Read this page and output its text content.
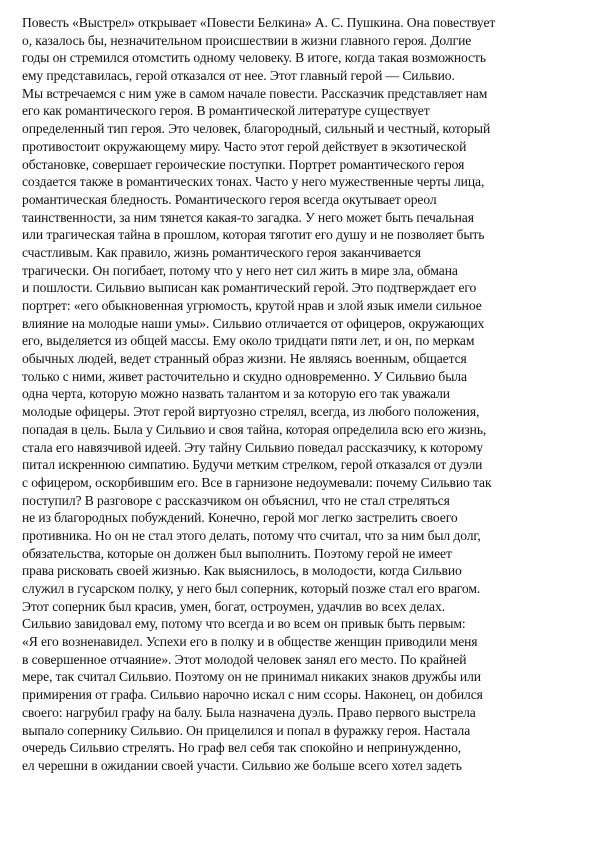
Повесть «Выстрел» открывает «Повести Белкина» А. С. Пушкина. Она повествует
о, казалось бы, незначительном происшествии в жизни главного героя. Долгие
годы он стремился отомстить одному человеку. В итоге, когда такая возможность
ему представилась, герой отказался от нее. Этот главный герой — Сильвио.
Мы встречаемся с ним уже в самом начале повести. Рассказчик представляет нам
его как романтического героя. В романтической литературе существует
определенный тип героя. Это человек, благородный, сильный и честный, который
противостоит окружающему миру. Часто этот герой действует в экзотической
обстановке, совершает героические поступки. Портрет романтического героя
создается также в романтических тонах. Часто у него мужественные черты лица,
романтическая бледность. Романтического героя всегда окутывает ореол
таинственности, за ним тянется какая-то загадка. У него может быть печальная
или трагическая тайна в прошлом, которая тяготит его душу и не позволяет быть
счастливым. Как правило, жизнь романтического героя заканчивается
трагически. Он погибает, потому что у него нет сил жить в мире зла, обмана
и пошлости. Сильвио выписан как романтический герой. Это подтверждает его
портрет: «его обыкновенная угрюмость, крутой нрав и злой язык имели сильное
влияние на молодые наши умы». Сильвио отличается от офицеров, окружающих
его, выделяется из общей массы. Ему около тридцати пяти лет, и он, по меркам
обычных людей, ведет странный образ жизни. Не являясь военным, общается
только с ними, живет расточительно и скудно одновременно. У Сильвио была
одна черта, которую можно назвать талантом и за которую его так уважали
молодые офицеры. Этот герой виртуозно стрелял, всегда, из любого положения,
попадая в цель. Была у Сильвио и своя тайна, которая определила всю его жизнь,
стала его навязчивой идеей. Эту тайну Сильвио поведал рассказчику, к которому
питал искреннюю симпатию. Будучи метким стрелком, герой отказался от дуэли
с офицером, оскорбившим его. Все в гарнизоне недоумевали: почему Сильвио так
поступил? В разговоре с рассказчиком он объяснил, что не стал стреляться
не из благородных побуждений. Конечно, герой мог легко застрелить своего
противника. Но он не стал этого делать, потому что считал, что за ним был долг,
обязательства, которые он должен был выполнить. Поэтому герой не имеет
права рисковать своей жизнью. Как выяснилось, в молодости, когда Сильвио
служил в гусарском полку, у него был соперник, который позже стал его врагом.
Этот соперник был красив, умен, богат, остроумен, удачлив во всех делах.
Сильвио завидовал ему, потому что всегда и во всем он привык быть первым:
«Я его возненавидел. Успехи его в полку и в обществе женщин приводили меня
в совершенное отчаяние». Этот молодой человек занял его место. По крайней
мере, так считал Сильвио. Поэтому он не принимал никаких знаков дружбы или
примирения от графа. Сильвио нарочно искал с ним ссоры. Наконец, он добился
своего: нагрубил графу на балу. Была назначена дуэль. Право первого выстрела
выпало сопернику Сильвио. Он прицелился и попал в фуражку героя. Настала
очередь Сильвио стрелять. Но граф вел себя так спокойно и непринужденно,
ел черешни в ожидании своей участи. Сильвио же больше всего хотел задеть
